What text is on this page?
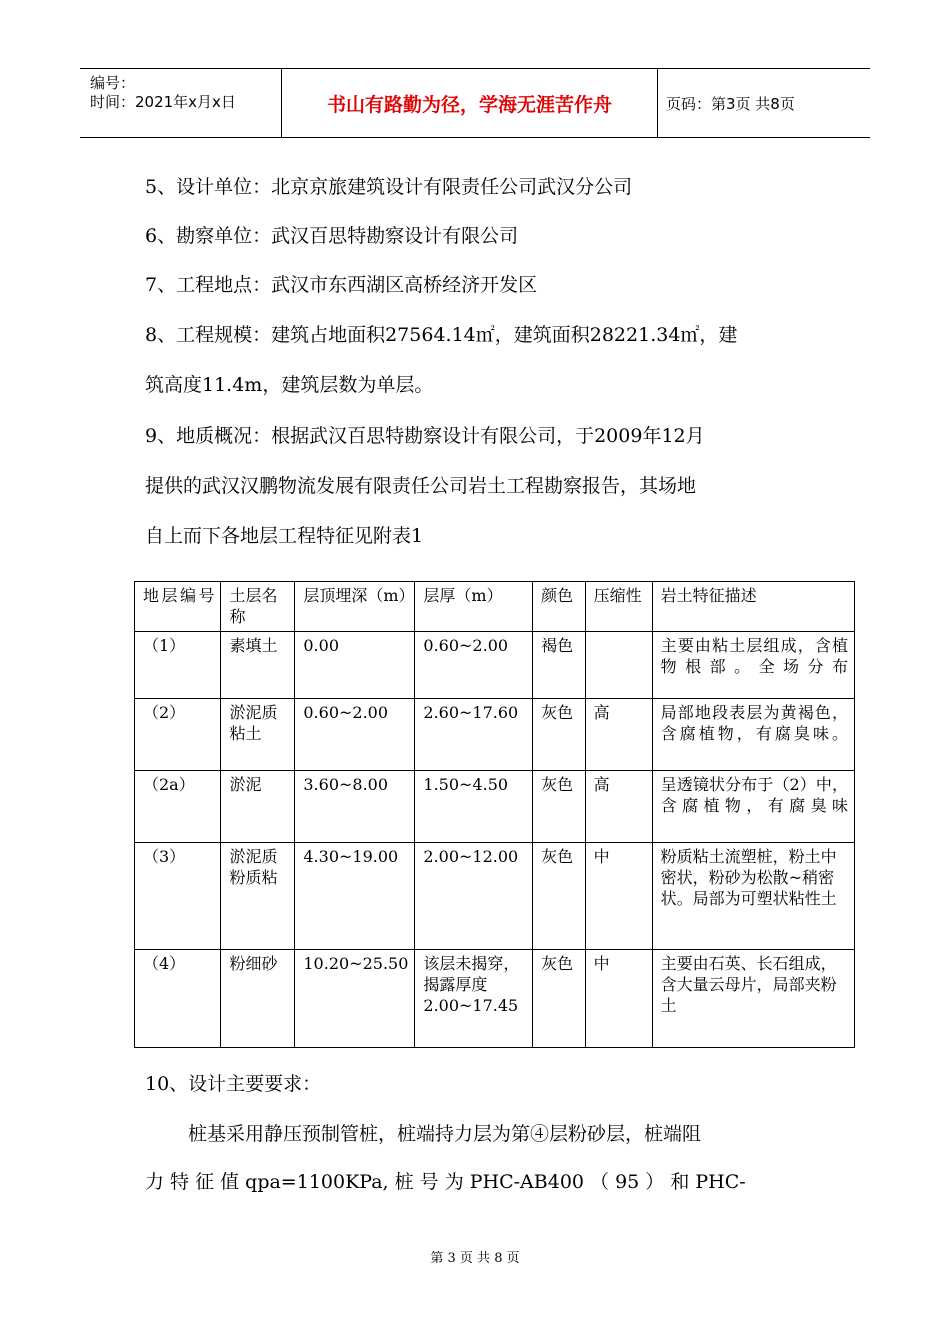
编号：
时间：2021年x月x日	书山有路勤为径，学海无涯苦作舟	页码：第3页 共8页
5、设计单位：北京京旅建筑设计有限责任公司武汉分公司
6、勘察单位：武汉百思特勘察设计有限公司
7、工程地点：武汉市东西湖区高桥经济开发区
8、工程规模：建筑占地面积27564.14㎡，建筑面积28221.34㎡，建
筑高度11.4m，建筑层数为单层。
9、地质概况：根据武汉百思特勘察设计有限公司，于2009年12月
提供的武汉汉鹏物流发展有限责任公司岩土工程勘察报告，其场地
自上而下各地层工程特征见附表1
地层编号	土层名称	层顶埋深（m）	层厚（m）	颜色	压缩性	岩土特征描述
（1）	素填土	0.00	0.60~2.00	褐色		主要由粘土层组成，含植物根部。全场分布
（2）	淤泥质粘土	0.60~2.00	2.60~17.60	灰色	高	局部地段表层为黄褐色，含腐植物，有腐臭味。
（2a）	淤泥	3.60~8.00	1.50~4.50	灰色	高	呈透镜状分布于（2）中，含腐植物，有腐臭味
（3）	淤泥质粉质粘	4.30~19.00	2.00~12.00	灰色	中	粉质粘土流塑桩，粉土中密状，粉砂为松散~稍密状。局部为可塑状粘性土
（4）	粉细砂	10.20~25.50	该层未揭穿，揭露厚度2.00~17.45	灰色	中	主要由石英、长石组成，含大量云母片，局部夹粉土
10、设计主要要求：
桩基采用静压预制管桩，桩端持力层为第④层粉砂层，桩端阻
力 特 征 值 qpa=1100KPa, 桩 号 为 PHC-AB400 （ 95 ） 和 PHC-
第 3 页 共 8 页
